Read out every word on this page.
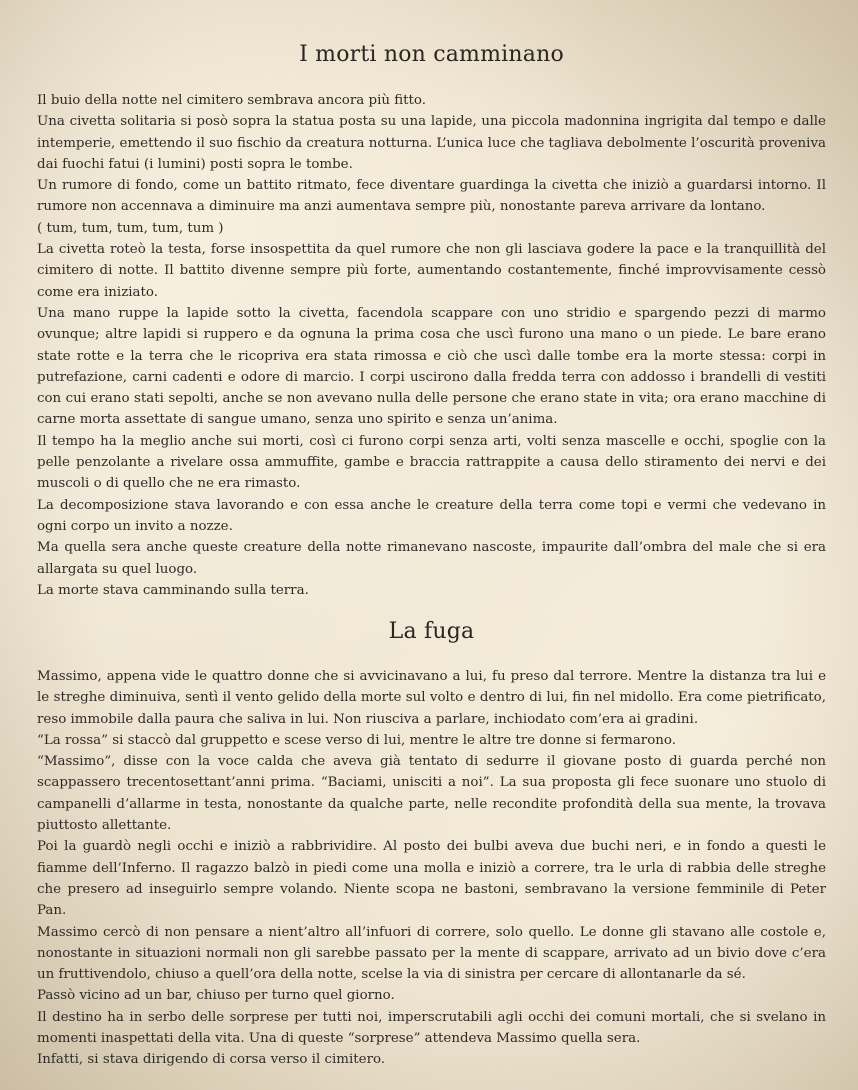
I morti non camminano

Il buio della notte nel cimitero sembrava ancora più fitto.

Una civetta solitaria si posò sopra la statua posta su una lapide, una piccola madonnina ingrigita dal tempo e dalle intemperie, emettendo il suo fischio da creatura notturna. L’unica luce che tagliava debolmente l’oscurità proveniva dai fuochi fatui (i lumini) posti sopra le tombe.

Un rumore di fondo, come un battito ritmato, fece diventare guardinga la civetta che iniziò a guardarsi intorno. Il rumore non accennava a diminuire ma anzi aumentava sempre più, nonostante pareva arrivare da lontano.

( tum, tum, tum, tum, tum )

La civetta roteò la testa, forse insospettita da quel rumore che non gli lasciava godere la pace e la tranquillità del cimitero di notte. Il battito divenne sempre più forte, aumentando costantemente, finché improvvisamente cessò come era iniziato.

Una mano ruppe la lapide sotto la civetta, facendola scappare con uno stridio e spargendo pezzi di marmo ovunque; altre lapidi si ruppero e da ognuna la prima cosa che uscì furono una mano o un piede. Le bare erano state rotte e la terra che le ricopriva era stata rimossa e ciò che uscì dalle tombe era la morte stessa: corpi in putrefazione, carni cadenti e odore di marcio. I corpi uscirono dalla fredda terra con addosso i brandelli di vestiti con cui erano stati sepolti, anche se non avevano nulla delle persone che erano state in vita; ora erano macchine di carne morta assettate di sangue umano, senza uno spirito e senza un’anima.

Il tempo ha la meglio anche sui morti, così ci furono corpi senza arti, volti senza mascelle e occhi, spoglie con la pelle penzolante a rivelare ossa ammuffite, gambe e braccia rattrappite a causa dello stiramento dei nervi e dei muscoli o di quello che ne era rimasto.

La decomposizione stava lavorando e con essa anche le creature della terra come topi e vermi che vedevano in ogni corpo un invito a nozze.

Ma quella sera anche queste creature della notte rimanevano nascoste, impaurite dall’ombra del male che si era allargata su quel luogo.

La morte stava camminando sulla terra.

La fuga

Massimo, appena vide le quattro donne che si avvicinavano a lui, fu preso dal terrore. Mentre la distanza tra lui e le streghe diminuiva, sentì il vento gelido della morte sul volto e dentro di lui, fin nel midollo. Era come pietrificato, reso immobile dalla paura che saliva in lui. Non riusciva a parlare, inchiodato com’era ai gradini.

“La rossa” si staccò dal gruppetto e scese verso di lui, mentre le altre tre donne si fermarono.

“Massimo”, disse con la voce calda che aveva già tentato di sedurre il giovane posto di guarda perché non scappassero trecentosettant’anni prima. “Baciami, unisciti a noi”. La sua proposta gli fece suonare uno stuolo di campanelli d’allarme in testa, nonostante da qualche parte, nelle recondite profondità della sua mente, la trovava piuttosto allettante.

Poi la guardò negli occhi e iniziò a rabbrividire. Al posto dei bulbi aveva due buchi neri, e in fondo a questi le fiamme dell’Inferno. Il ragazzo balzò in piedi come una molla e iniziò a correre, tra le urla di rabbia delle streghe che presero ad inseguirlo sempre volando. Niente scopa ne bastoni, sembravano la versione femminile di Peter Pan.

Massimo cercò di non pensare a nient’altro all’infuori di correre, solo quello. Le donne gli stavano alle costole e, nonostante in situazioni normali non gli sarebbe passato per la mente di scappare, arrivato ad un bivio dove c’era un fruttivendolo, chiuso a quell’ora della notte, scelse la via di sinistra per cercare di allontanarle da sé.

Passò vicino ad un bar, chiuso per turno quel giorno.

Il destino ha in serbo delle sorprese per tutti noi, imperscrutabili agli occhi dei comuni mortali, che si svelano in momenti inaspettati della vita. Una di queste “sorprese” attendeva Massimo quella sera.

Infatti, si stava dirigendo di corsa verso il cimitero.
